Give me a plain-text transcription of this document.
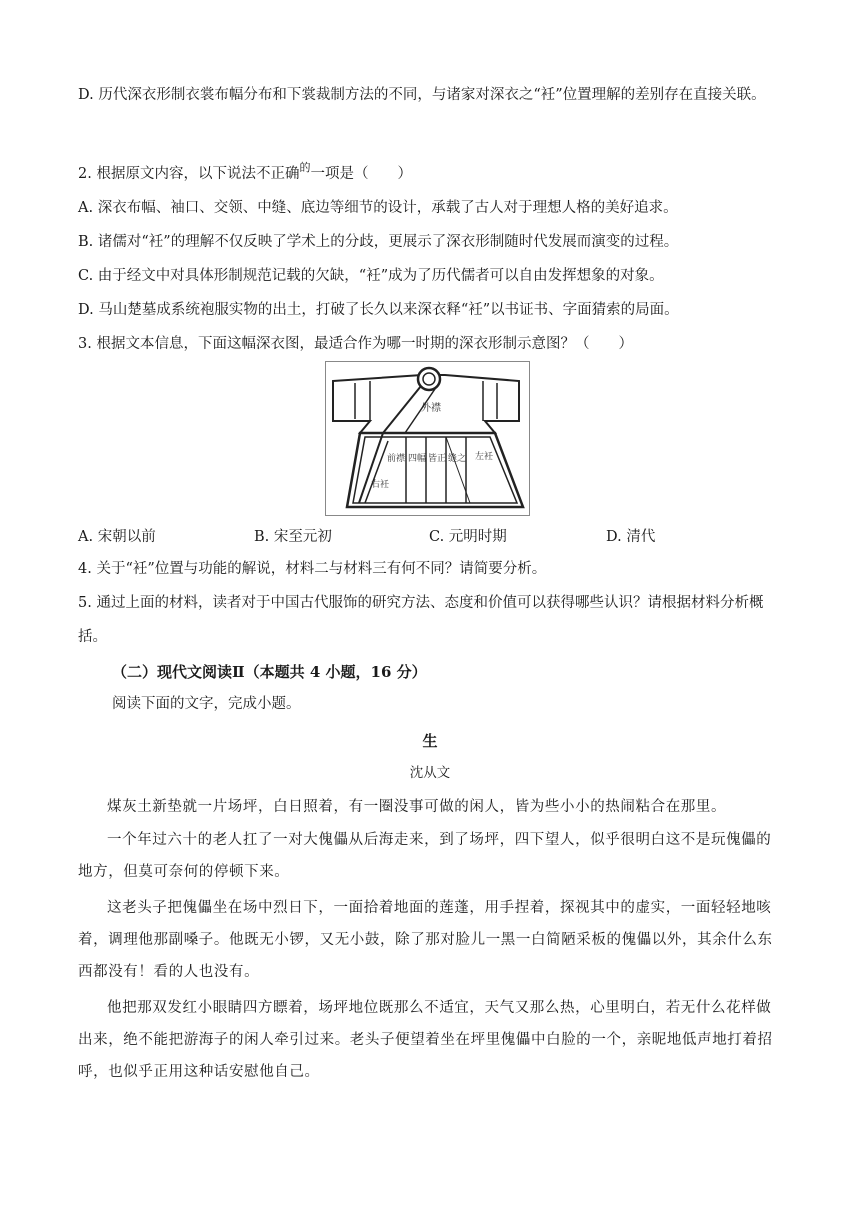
D. 历代深衣形制衣裳布幅分布和下裳裁制方法的不同，与诸家对深衣之“衽”位置理解的差别存在直接关联。
2. 根据原文内容，以下说法不正确$^的$一项是（　　）
A. 深衣布幅、袖口、交领、中缝、底边等细节的设计，承载了古人对于理想人格的美好追求。
B. 诸儒对“衽”的理解不仅反映了学术上的分歧，更展示了深衣形制随时代发展而演变的过程。
C. 由于经文中对具体形制规范记载的欠缺，“衽”成为了历代儒者可以自由发挥想象的对象。
D. 马山楚墓成系统袍服实物的出土，打破了长久以来深衣释“衽”以书证书、字面猜索的局面。
3. 根据文本信息，下面这幅深衣图，最适合作为哪一时期的深衣形制示意图？（　　）
外襟
前襟 四幅 皆正 缝之 左衽
右衽
A. 宋朝以前	B. 宋至元初	C. 元明时期	D. 清代
4. 关于“衽”位置与功能的解说，材料二与材料三有何不同？请简要分析。
5. 通过上面的材料，读者对于中国古代服饰的研究方法、态度和价值可以获得哪些认识？请根据材料分析概括。
（二）现代文阅读Ⅱ（本题共 4 小题，16 分）
阅读下面的文字，完成小题。
生
沈从文
煤灰土新垫就一片场坪，白日照着，有一圈没事可做的闲人，皆为些小小的热闹粘合在那里。
一个年过六十的老人扛了一对大傀儡从后海走来，到了场坪，四下望人，似乎很明白这不是玩傀儡的地方，但莫可奈何的停顿下来。
这老头子把傀儡坐在场中烈日下，一面拾着地面的莲蓬，用手捏着，探视其中的虚实，一面轻轻地咳着，调理他那副嗓子。他既无小锣，又无小鼓，除了那对脸儿一黑一白简陋采板的傀儡以外，其余什么东西都没有！看的人也没有。
他把那双发红小眼睛四方瞟着，场坪地位既那么不适宜，天气又那么热，心里明白，若无什么花样做出来，绝不能把游海子的闲人牵引过来。老头子便望着坐在坪里傀儡中白脸的一个，亲昵地低声地打着招呼，也似乎正用这种话安慰他自己。
